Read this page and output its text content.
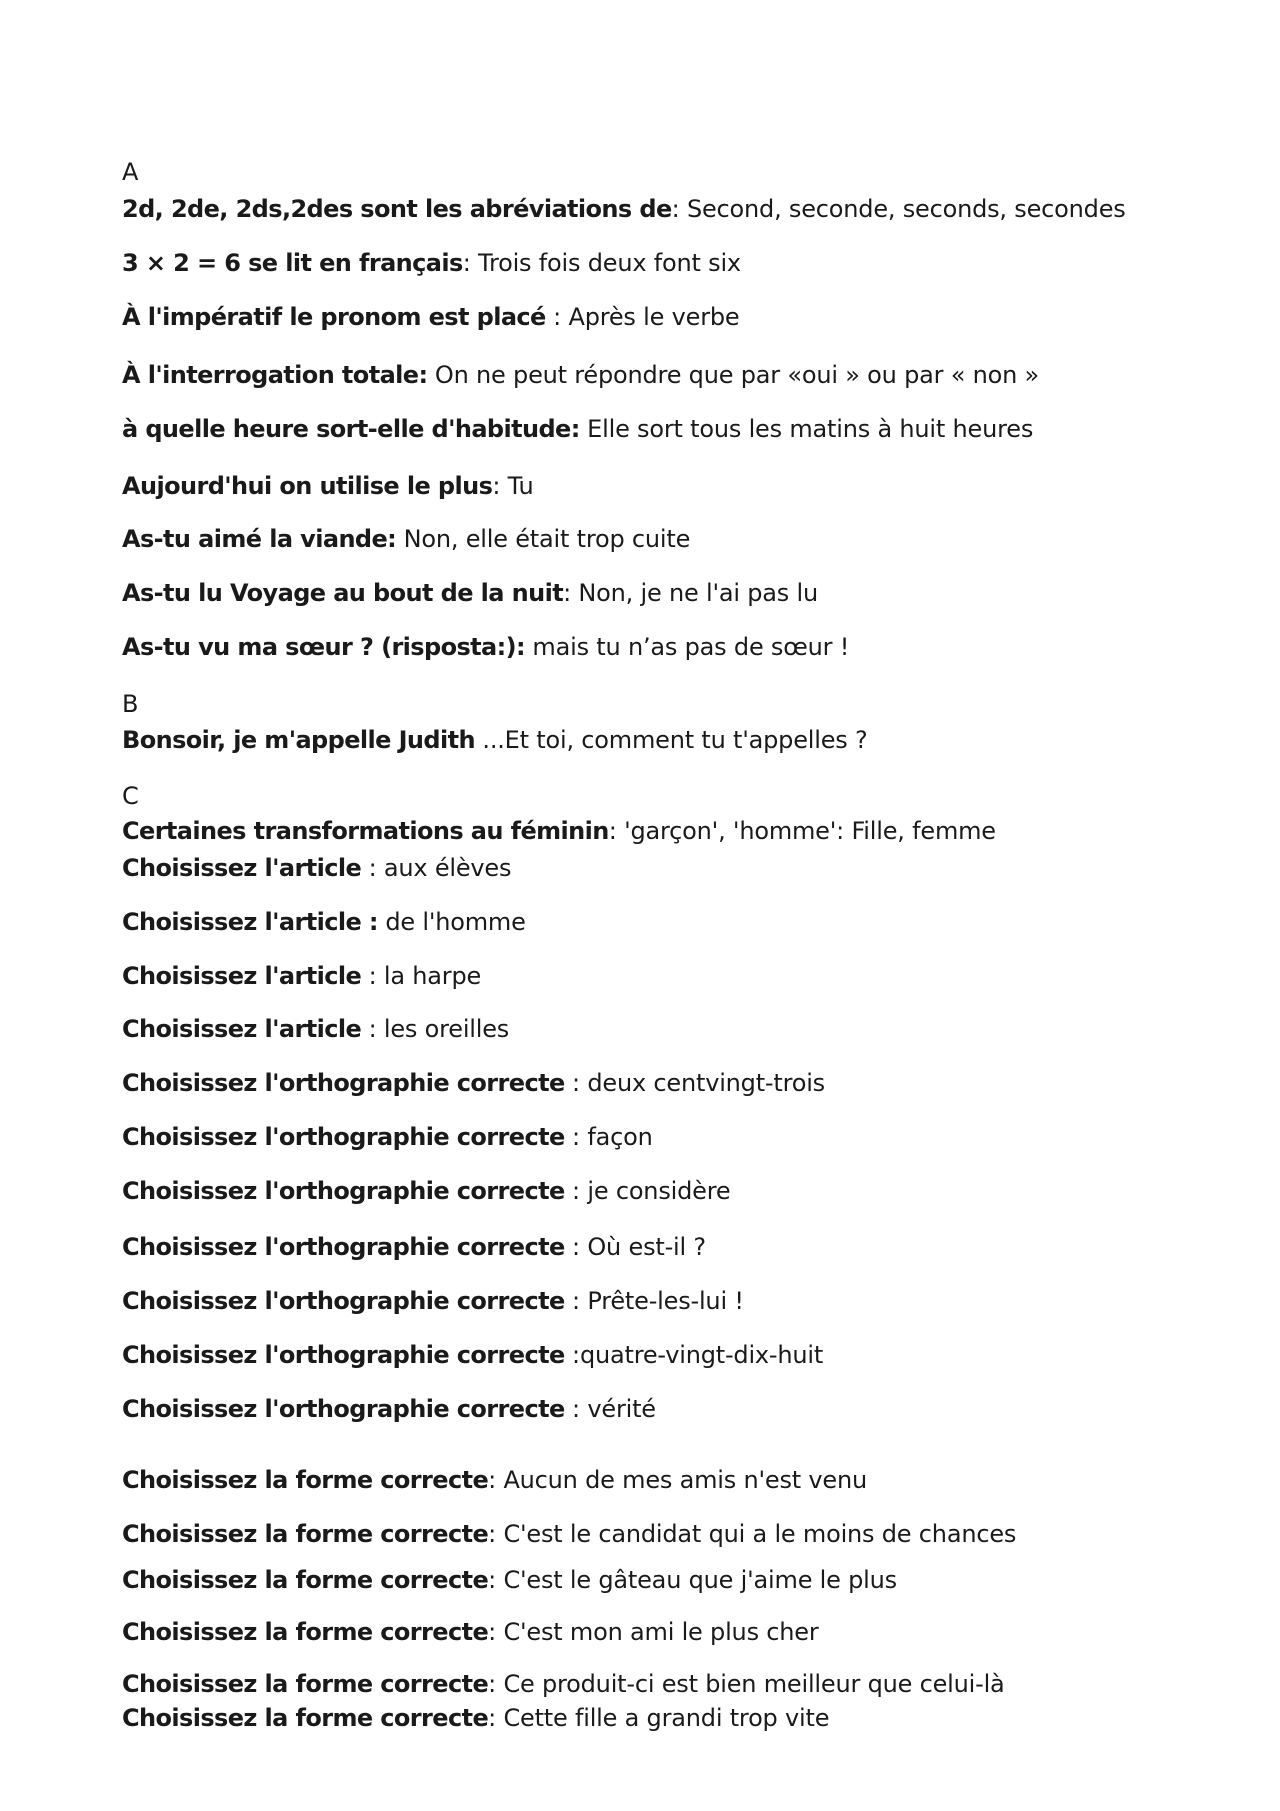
A
2d, 2de, 2ds,2des sont les abréviations de: Second, seconde, seconds, secondes
3 × 2 = 6 se lit en français: Trois fois deux font six
À l'impératif le pronom est placé : Après le verbe
À l'interrogation totale: On ne peut répondre que par «oui » ou par « non »
à quelle heure sort-elle d'habitude: Elle sort tous les matins à huit heures
Aujourd'hui on utilise le plus: Tu
As-tu aimé la viande: Non, elle était trop cuite
As-tu lu Voyage au bout de la nuit: Non, je ne l'ai pas lu
As-tu vu ma sœur ? (risposta:): mais tu n’as pas de sœur !
B
Bonsoir, je m'appelle Judith ...Et toi, comment tu t'appelles ?
C
Certaines transformations au féminin: 'garçon', 'homme': Fille, femme
Choisissez l'article : aux élèves
Choisissez l'article : de l'homme
Choisissez l'article : la harpe
Choisissez l'article : les oreilles
Choisissez l'orthographie correcte : deux centvingt-trois
Choisissez l'orthographie correcte : façon
Choisissez l'orthographie correcte : je considère
Choisissez l'orthographie correcte : Où est-il ?
Choisissez l'orthographie correcte : Prête-les-lui !
Choisissez l'orthographie correcte :quatre-vingt-dix-huit
Choisissez l'orthographie correcte : vérité
Choisissez la forme correcte: Aucun de mes amis n'est venu
Choisissez la forme correcte: C'est le candidat qui a le moins de chances
Choisissez la forme correcte: C'est le gâteau que j'aime le plus
Choisissez la forme correcte: C'est mon ami le plus cher
Choisissez la forme correcte: Ce produit-ci est bien meilleur que celui-là
Choisissez la forme correcte: Cette fille a grandi trop vite
